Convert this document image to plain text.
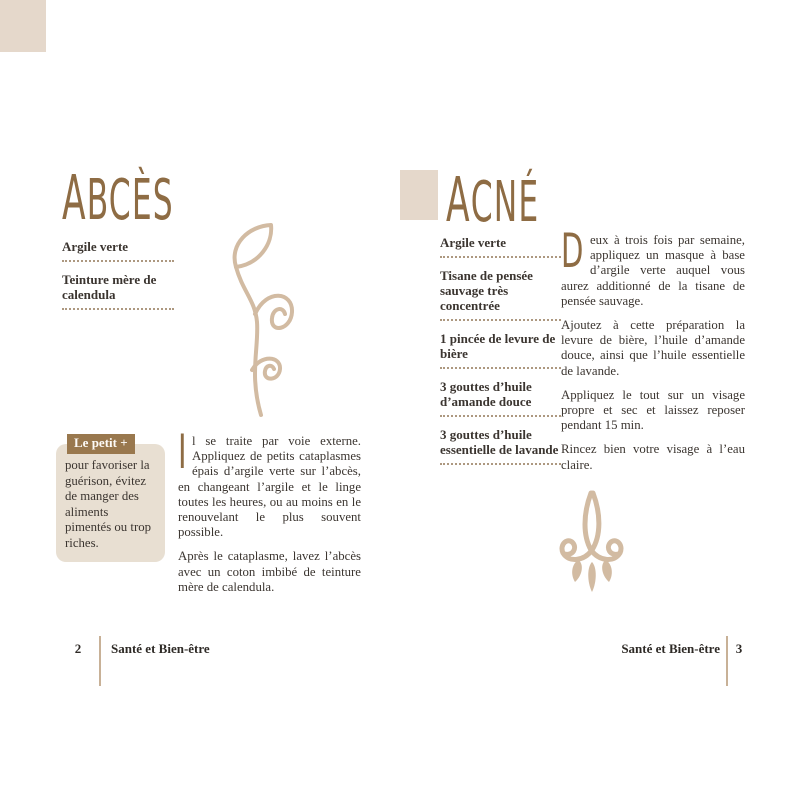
ABCÈS
Argile verte
Teinture mère de calendula
Le petit +
pour favoriser la guérison, évitez de manger des aliments pimentés ou trop riches.

Il se traite par voie externe. Appliquez de petits cataplasmes épais d’argile verte sur l’abcès, en changeant l’argile et le linge toutes les heures, ou au moins en le renouvelant le plus souvent possible.

Après le cataplasme, lavez l’abcès avec un coton imbibé de teinture mère de calendula.

2	Santé et Bien-être
ACNÉ
Argile verte
Tisane de pensée sauvage très concentrée
1 pincée de levure de bière
3 gouttes d’huile d’amande douce
3 gouttes d’huile essentielle de lavande

Deux à trois fois par semaine, appliquez un masque à base d’argile verte auquel vous aurez additionné de la tisane de pensée sauvage.

Ajoutez à cette préparation la levure de bière, l’huile d’amande douce, ainsi que l’huile essentielle de lavande.

Appliquez le tout sur un visage propre et sec et laissez reposer pendant 15 min.

Rincez bien votre visage à l’eau claire.

Santé et Bien-être	3
